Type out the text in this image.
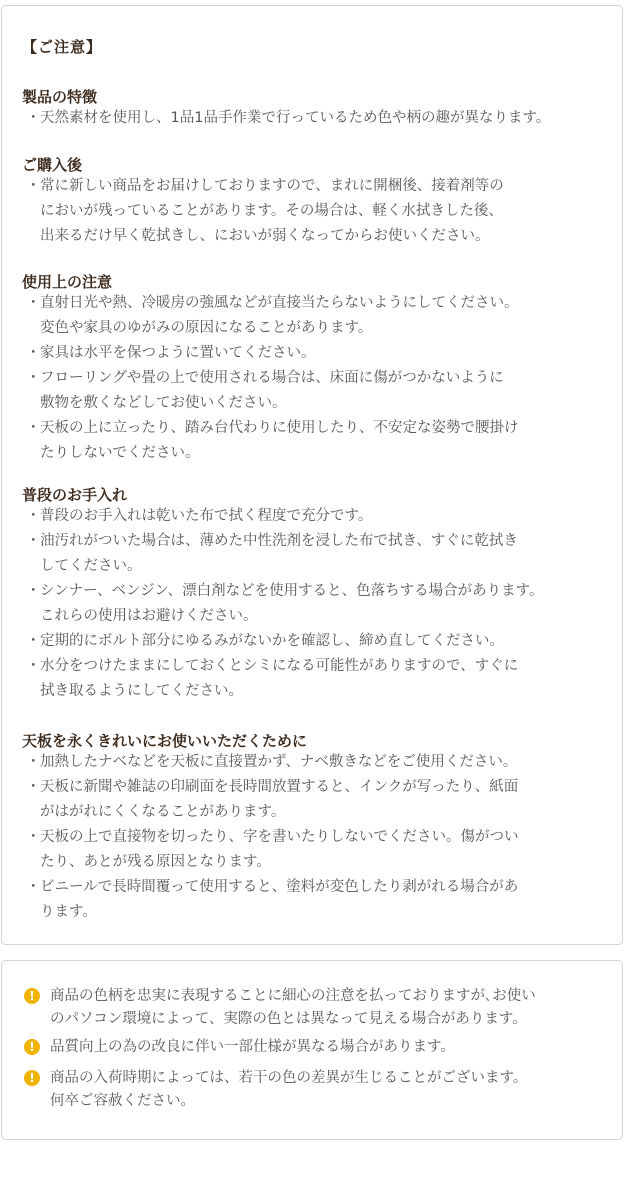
【ご注意】
製品の特徴
・天然素材を使用し、1品1品手作業で行っているため色や柄の趣が異なります。
ご購入後
・常に新しい商品をお届けしておりますので、まれに開梱後、接着剤等の
においが残っていることがあります。その場合は、軽く水拭きした後、
出来るだけ早く乾拭きし、においが弱くなってからお使いください。
使用上の注意
・直射日光や熱、冷暖房の強風などが直接当たらないようにしてください。
変色や家具のゆがみの原因になることがあります。
・家具は水平を保つように置いてください。
・フローリングや畳の上で使用される場合は、床面に傷がつかないように
敷物を敷くなどしてお使いください。
・天板の上に立ったり、踏み台代わりに使用したり、不安定な姿勢で腰掛け
たりしないでください。
普段のお手入れ
・普段のお手入れは乾いた布で拭く程度で充分です。
・油汚れがついた場合は、薄めた中性洗剤を浸した布で拭き、すぐに乾拭き
してください。
・シンナー、ベンジン、漂白剤などを使用すると、色落ちする場合があります。
これらの使用はお避けください。
・定期的にボルト部分にゆるみがないかを確認し、締め直してください。
・水分をつけたままにしておくとシミになる可能性がありますので、すぐに
拭き取るようにしてください。
天板を永くきれいにお使いいただくために
・加熱したナベなどを天板に直接置かず、ナベ敷きなどをご使用ください。
・天板に新聞や雑誌の印刷面を長時間放置すると、インクが写ったり、紙面
がはがれにくくなることがあります。
・天板の上で直接物を切ったり、字を書いたりしないでください。傷がつい
たり、あとが残る原因となります。
・ビニールで長時間覆って使用すると、塗料が変色したり剥がれる場合があ
ります。
!	商品の色柄を忠実に表現することに細心の注意を払っておりますが､お使い
のパソコン環境によって、実際の色とは異なって見える場合があります。
!	品質向上の為の改良に伴い一部仕様が異なる場合があります。
!	商品の入荷時期によっては、若干の色の差異が生じることがございます。
何卒ご容赦ください。
